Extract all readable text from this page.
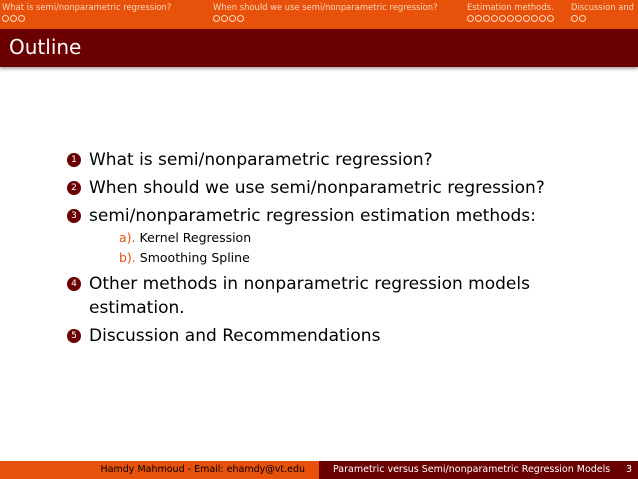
What is semi/nonparametric regression?	When should we use semi/nonparametric regression?	Estimation methods. Discussion and
Outline
1 What is semi/nonparametric regression?
2 When should we use semi/nonparametric regression?
3 semi/nonparametric regression estimation methods:
a). Kernel Regression
b). Smoothing Spline
4 Other methods in nonparametric regression models estimation.
5 Discussion and Recommendations
Hamdy Mahmoud - Email: ehamdy@vt.edu	Parametric versus Semi/nonparametric Regression Models 3
